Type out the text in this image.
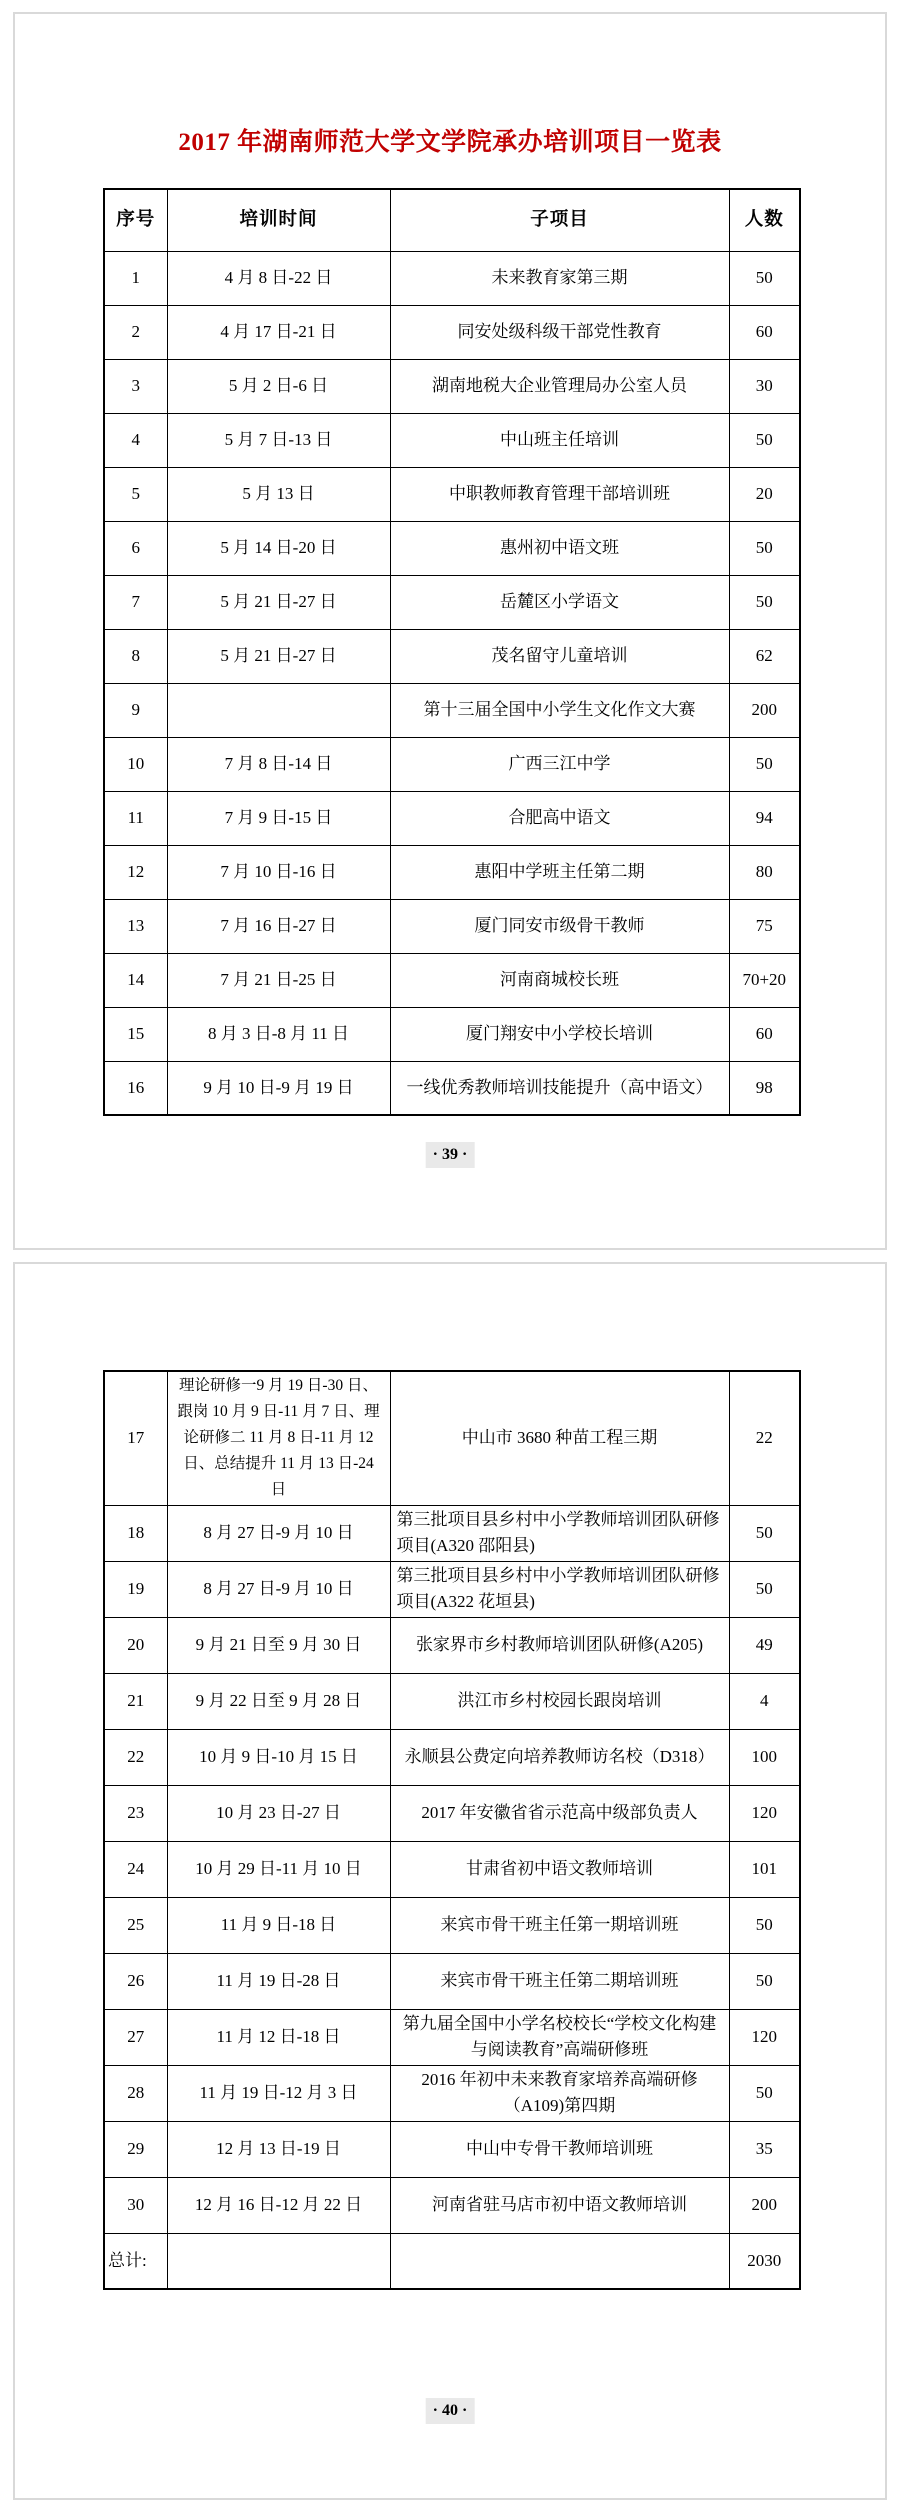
2017 年湖南师范大学文学院承办培训项目一览表
序号	培训时间	子项目	人数
1	4 月 8 日-22 日	未来教育家第三期	50
2	4 月 17 日-21 日	同安处级科级干部党性教育	60
3	5 月 2 日-6 日	湖南地税大企业管理局办公室人员	30
4	5 月 7 日-13 日	中山班主任培训	50
5	5 月 13 日	中职教师教育管理干部培训班	20
6	5 月 14 日-20 日	惠州初中语文班	50
7	5 月 21 日-27 日	岳麓区小学语文	50
8	5 月 21 日-27 日	茂名留守儿童培训	62
9		第十三届全国中小学生文化作文大赛	200
10	7 月 8 日-14 日	广西三江中学	50
11	7 月 9 日-15 日	合肥高中语文	94
12	7 月 10 日-16 日	惠阳中学班主任第二期	80
13	7 月 16 日-27 日	厦门同安市级骨干教师	75
14	7 月 21 日-25 日	河南商城校长班	70+20
15	8 月 3 日-8 月 11 日	厦门翔安中小学校长培训	60
16	9 月 10 日-9 月 19 日	一线优秀教师培训技能提升（高中语文）	98
· 39 ·
17	理论研修一9 月 19 日-30 日、跟岗 10 月 9 日-11 月 7 日、理论研修二 11 月 8 日-11 月 12 日、总结提升 11 月 13 日-24 日	中山市 3680 种苗工程三期	22
18	8 月 27 日-9 月 10 日	第三批项目县乡村中小学教师培训团队研修项目(A320 邵阳县)	50
19	8 月 27 日-9 月 10 日	第三批项目县乡村中小学教师培训团队研修项目(A322 花垣县)	50
20	9 月 21 日至 9 月 30 日	张家界市乡村教师培训团队研修(A205)	49
21	9 月 22 日至 9 月 28 日	洪江市乡村校园长跟岗培训	4
22	10 月 9 日-10 月 15 日	永顺县公费定向培养教师访名校（D318）	100
23	10 月 23 日-27 日	2017 年安徽省省示范高中级部负责人	120
24	10 月 29 日-11 月 10 日	甘肃省初中语文教师培训	101
25	11 月 9 日-18 日	来宾市骨干班主任第一期培训班	50
26	11 月 19 日-28 日	来宾市骨干班主任第二期培训班	50
27	11 月 12 日-18 日	第九届全国中小学名校校长“学校文化构建与阅读教育”高端研修班	120
28	11 月 19 日-12 月 3 日	2016 年初中未来教育家培养高端研修（A109)第四期	50
29	12 月 13 日-19 日	中山中专骨干教师培训班	35
30	12 月 16 日-12 月 22 日	河南省驻马店市初中语文教师培训	200
总计:			2030
· 40 ·
